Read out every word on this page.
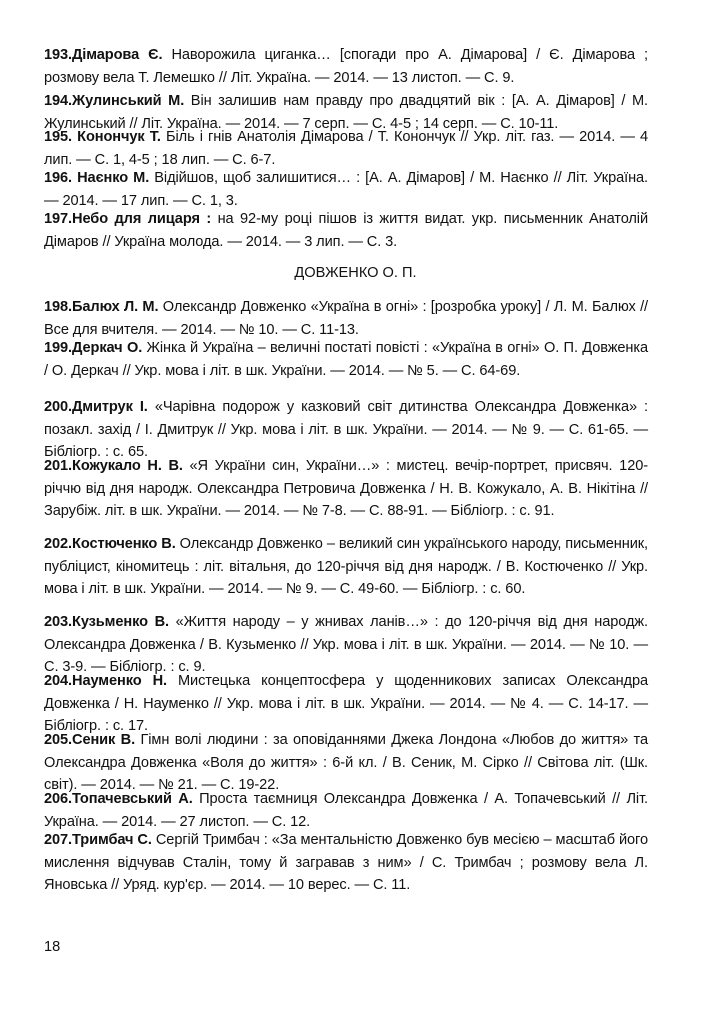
193.Дімарова Є. Наворожила циганка… [спогади про А. Дімарова] / Є. Дімарова ; розмову вела Т. Лемешко // Літ. Україна. — 2014. — 13 листоп. — С. 9.
194.Жулинський М. Він залишив нам правду про двадцятий вік : [А. А. Дімаров] / М. Жулинський // Літ. Україна. — 2014. — 7 серп. — С. 4-5 ; 14 серп. — С. 10-11.
195. Конончук Т. Біль і гнів Анатолія Дімарова / Т. Конончук // Укр. літ. газ. — 2014. — 4 лип. — С. 1, 4-5 ; 18 лип. — С. 6-7.
196. Наєнко М. Відійшов, щоб залишитися… : [А. А. Дімаров] / М. Наєнко // Літ. Україна. — 2014. — 17 лип. — С. 1, 3.
197.Небо для лицаря : на 92-му році пішов із життя видат. укр. письменник Анатолій Дімаров // Україна молода. — 2014. — 3 лип. — С. 3.
ДОВЖЕНКО О. П.
198.Балюх Л. М. Олександр Довженко «Україна в огні» : [розробка уроку] / Л. М. Балюх // Все для вчителя. — 2014. — № 10. — С. 11-13.
199.Деркач О. Жінка й Україна – величні постаті повісті : «Україна в огні» О. П. Довженка / О. Деркач // Укр. мова і літ. в шк. України. — 2014. — № 5. — С. 64-69.
200.Дмитрук І. «Чарівна подорож у казковий світ дитинства Олександра Довженка» : позакл. захід / І. Дмитрук // Укр. мова і літ. в шк. України. — 2014. — № 9. — С. 61-65. — Бібліогр. : с. 65.
201.Кожукало Н. В. «Я України син, України…» : мистец. вечір-портрет, присвяч. 120-річчю від дня народж. Олександра Петровича Довженка / Н. В. Кожукало, А. В. Нікітіна // Зарубіж. літ. в шк. України. — 2014. — № 7-8. — С. 88-91. — Бібліогр. : с. 91.
202.Костюченко В. Олександр Довженко – великий син українського народу, письменник, публіцист, кіномитець : літ. вітальня, до 120-річчя від дня народж. / В. Костюченко // Укр. мова і літ. в шк. України. — 2014. — № 9. — С. 49-60. — Бібліогр. : с. 60.
203.Кузьменко В. «Життя народу – у жнивах ланів…» : до 120-річчя від дня народж. Олександра Довженка / В. Кузьменко // Укр. мова і літ. в шк. України. — 2014. — № 10. — С. 3-9. — Бібліогр. : с. 9.
204.Науменко Н. Мистецька концептосфера у щоденникових записах Олександра Довженка / Н. Науменко // Укр. мова і літ. в шк. України. — 2014. — № 4. — С. 14-17. — Бібліогр. : с. 17.
205.Сеник В. Гімн волі людини : за оповіданнями Джека Лондона «Любов до життя» та Олександра Довженка «Воля до життя» : 6-й кл. / В. Сеник, М. Сірко // Світова літ. (Шк. світ). — 2014. — № 21. — С. 19-22.
206.Топачевський А. Проста таємниця Олександра Довженка / А. Топачевський // Літ. Україна. — 2014. — 27 листоп. — С. 12.
207.Тримбач С. Сергій Тримбач : «За ментальністю Довженко був месією – масштаб його мислення відчував Сталін, тому й загравав з ним» / С. Тримбач ; розмову вела Л. Яновська // Уряд. кур'єр. — 2014. — 10 верес. — С. 11.
18
